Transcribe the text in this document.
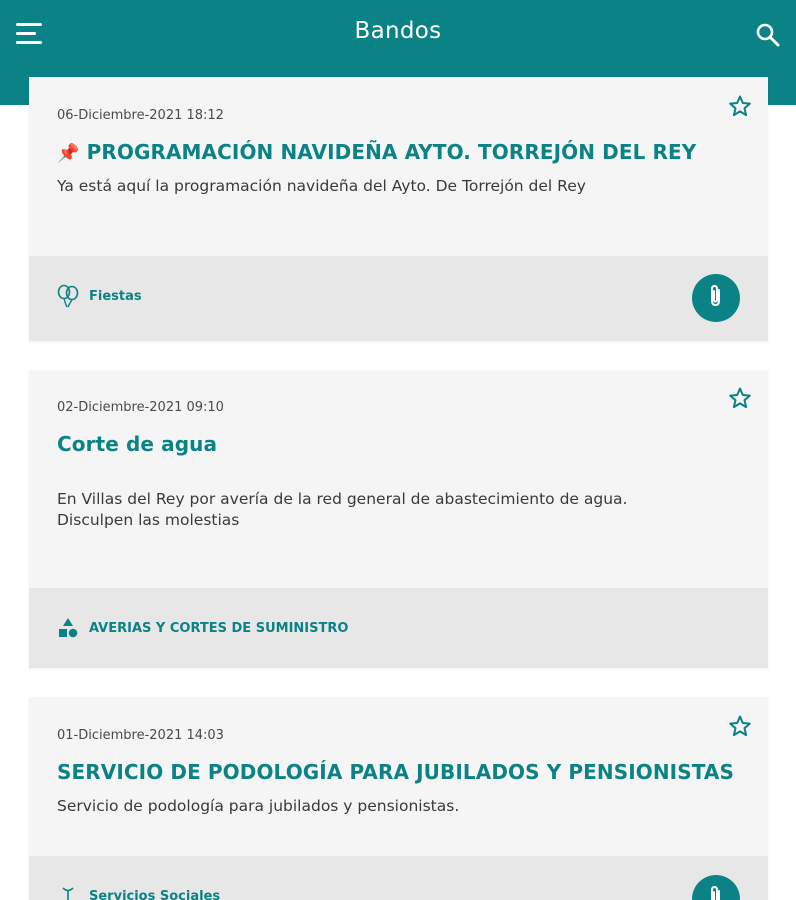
Bandos
06-Diciembre-2021 18:12
📌 PROGRAMACIÓN NAVIDEÑA AYTO. TORREJÓN DEL REY
Ya está aquí la programación navideña del Ayto. De Torrejón del Rey
Fiestas
02-Diciembre-2021 09:10
Corte de agua
En Villas del Rey por avería de la red general de abastecimiento de agua.
Disculpen las molestias
AVERIAS Y CORTES DE SUMINISTRO
01-Diciembre-2021 14:03
SERVICIO DE PODOLOGÍA PARA JUBILADOS Y PENSIONISTAS
Servicio de podología para jubilados y pensionistas.
Servicios Sociales
